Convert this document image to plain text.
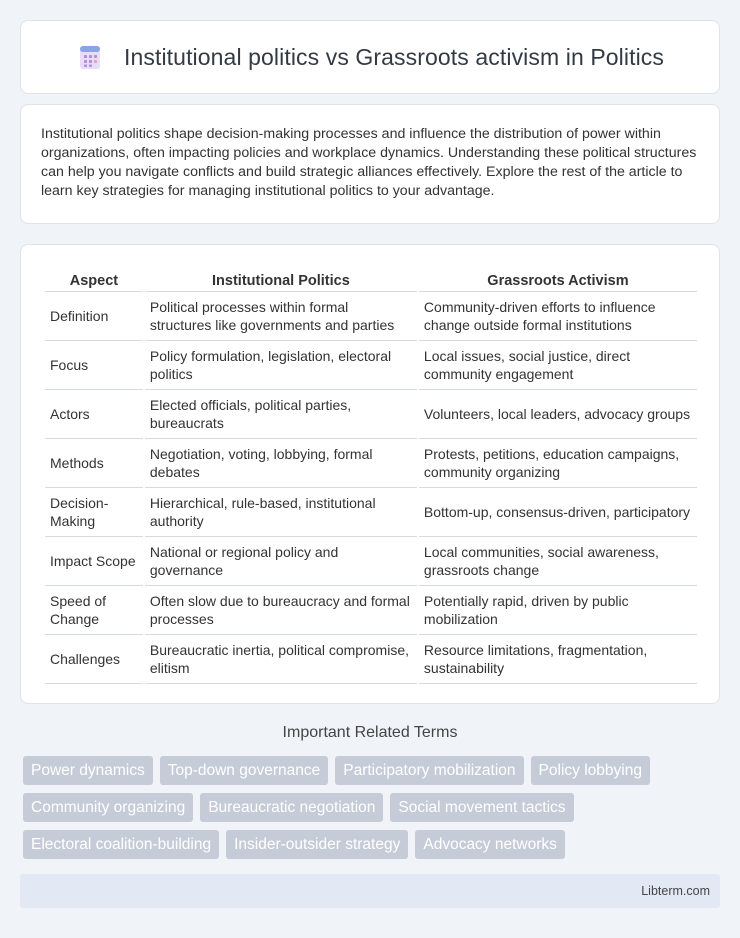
Institutional politics vs Grassroots activism in Politics

Institutional politics shape decision-making processes and influence the distribution of power within organizations, often impacting policies and workplace dynamics. Understanding these political structures can help you navigate conflicts and build strategic alliances effectively. Explore the rest of the article to learn key strategies for managing institutional politics to your advantage.

Aspect	Institutional Politics	Grassroots Activism
Definition	Political processes within formal structures like governments and parties	Community-driven efforts to influence change outside formal institutions
Focus	Policy formulation, legislation, electoral politics	Local issues, social justice, direct community engagement
Actors	Elected officials, political parties, bureaucrats	Volunteers, local leaders, advocacy groups
Methods	Negotiation, voting, lobbying, formal debates	Protests, petitions, education campaigns, community organizing
Decision-Making	Hierarchical, rule-based, institutional authority	Bottom-up, consensus-driven, participatory
Impact Scope	National or regional policy and governance	Local communities, social awareness, grassroots change
Speed of Change	Often slow due to bureaucracy and formal processes	Potentially rapid, driven by public mobilization
Challenges	Bureaucratic inertia, political compromise, elitism	Resource limitations, fragmentation, sustainability
Important Related Terms
Power dynamics	Top-down governance	Participatory mobilization	Policy lobbying
Community organizing	Bureaucratic negotiation	Social movement tactics
Electoral coalition-building	Insider-outsider strategy	Advocacy networks
Libterm.com
